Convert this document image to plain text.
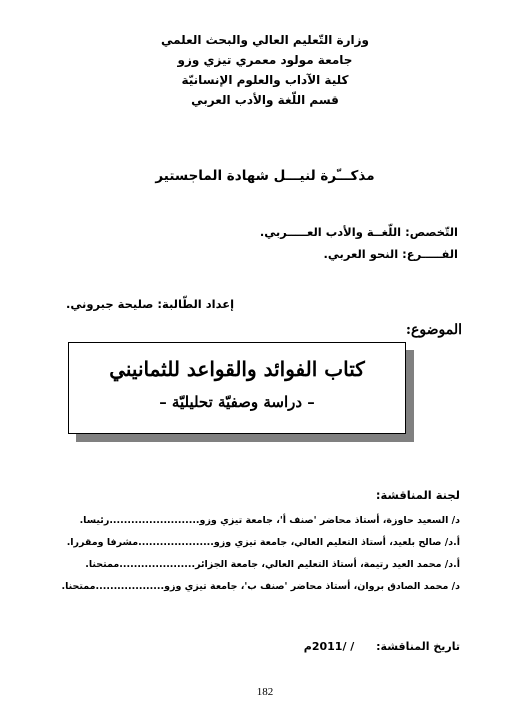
وزارة التّعليم العالي والبحث العلمي
جامعة مولود معمري تيزي وزو
كلية الآداب والعلوم الإنسانيّة
قسم اللّغة والأدب العربي
مذكـــّرة لنيـــل شهادة الماجستير
التّخصص: اللّغــة والأدب العـــــربي.
الفـــــرع: النحو العربي.
إعداد الطّالبة: صليحة جبروني.
الموضوع:
كتاب الفوائد والقواعد للثمانيني
– دراسة وصفيّة تحليليّة –
لجنة المناقشة:
د/ السعيد حاوزة، أستاذ محاضر 'صنف أ'، جامعة تيزي وزو.........................رئيسا.
أ.د/ صالح بلعيد، أستاذ التعليم العالي، جامعة تيزي وزو.....................مشرفا ومقررا.
أ.د/ محمد العيد رتيمة، أستاذ التعليم العالي، جامعة الجزائر.....................ممتحنا.
د/ محمد الصادق بروان، أستاذ محاضر 'صنف ب'، جامعة تيزي وزو...................ممتحنا.
تاريخ المناقشة: / /2011م
182
